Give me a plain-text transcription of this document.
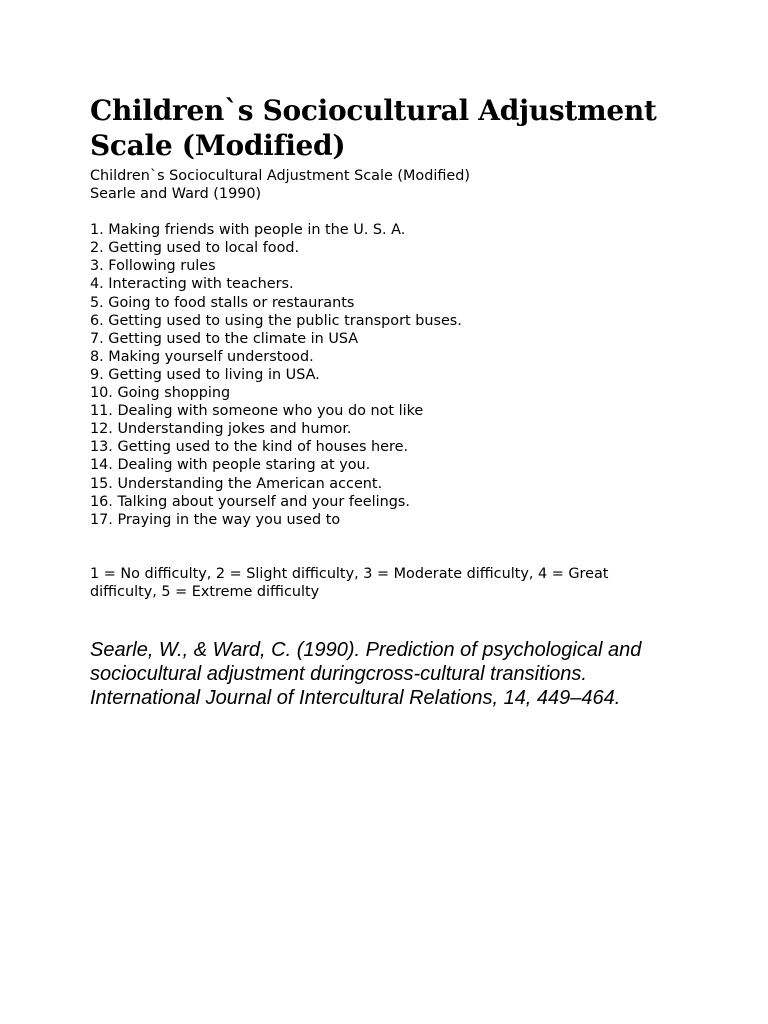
Children`s Sociocultural Adjustment Scale (Modified)
Children`s Sociocultural Adjustment Scale (Modified)
Searle and Ward (1990)
1. Making friends with people in the U. S. A.
2. Getting used to local food.
3. Following rules
4. Interacting with teachers.
5. Going to food stalls or restaurants
6. Getting used to using the public transport buses.
7. Getting used to the climate in USA
8. Making yourself understood.
9. Getting used to living in USA.
10. Going shopping
11. Dealing with someone who you do not like
12. Understanding jokes and humor.
13. Getting used to the kind of houses here.
14. Dealing with people staring at you.
15. Understanding the American accent.
16. Talking about yourself and your feelings.
17. Praying in the way you used to
1 = No difficulty, 2 = Slight difficulty, 3 = Moderate difficulty, 4 = Great difficulty, 5 = Extreme difficulty
Searle, W., & Ward, C. (1990). Prediction of psychological and sociocultural adjustment duringcross-cultural transitions. International Journal of Intercultural Relations, 14, 449–464.
